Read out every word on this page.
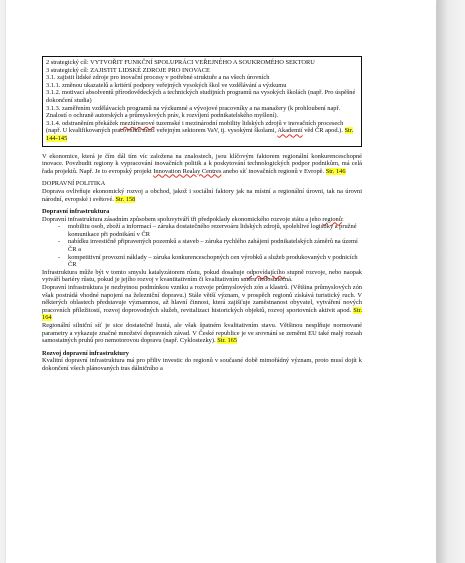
2 strategický cíl: VYTVOŘIT FUNKČNÍ SPOLUPRÁCI VEŘEJNÉHO A SOUKROMÉHO SEKTORU

3 strategický cíl: ZAJISTIT LIDSKÉ ZDROJE PRO INOVACE

3.1. zajistit lidské zdroje pro inovační procesy v potřebné struktuře a na všech úrovních

3.1.1. změnou ukazatelů a kritérií podpory veřejných vysokých škol ve vzdělávání a výzkumu

3.1.2. motivací absolventů přírodovědeckých a technických studijních programů na vysokých školách (např. Pro úspěšné dokončení studia)

3.1.3. zaměřením vzdělávacích programů na výzkumné a vývojové pracovníky a na manažery (k prohloubení např. Znalostí o ochraně autorských a průmyslových práv, k rozvíjení podnikatelského myšlení).

3.1.4. odstraněním překážek meziútvarové tuzemské i mezinárodní mobility lidských zdrojů v inovačních procesech (např. U kvalifikovaných pracovníků mezi veřejným sektorem VaV, tj. vysokými školami, Akademií věd ČR apod.). Str. 144-145

V ekonomice, která je čím dál tím víc založena na znalostech, jsou klíčovým faktorem regionální konkurenceschopné inovace. Povzbudit regiony k vypracování inovačních politik a k poskytování technologických podpor podnikům, má celá řada projektů. Např. Je to evropský projekt Innovation Realay Centres anebo síť inovačních regionů v Evropě. Str. 146

DOPRAVNÍ POLITIKA

Doprava ovlivňuje ekonomický rozvoj a obchod, jakož i sociální faktory jak na místní a regionální úrovni, tak na úrovni národní, evropské i světové. Str. 158

Dopravní infrastruktura

Dopravní infrastruktura zásadním způsobem spoluvytváří tři předpoklady ekonomického rozvoje státu a jeho regionů:

- mobilitu osob, zboží a informací – záruka dostatečného rezervoáru lidských zdrojů, spolehlivé logistiky a pružné komunikace při podnikání v ČR
- nabídku investičně připravených pozemků a staveb – záruka rychlého zahájení podnikatelských záměrů na území ČR a
- kompetitivní provozní náklady – záruka konkurenceschopných cen výrobků a služeb produkovaných v podnicích ČR

Infrastruktura může být v tomto smyslu katalyzátorem růstu, pokud dosahuje odpovídajícího stupně rozvoje, nebo naopak vytváří bariéry růstu, pokud je jejího rozvoj v kvantitativním či kvalitativním směru nedostatečná.

Dopravní infrastruktura je nezbytnou podmínkou vzniku a rozvoje průmyslových zón a klastrů. (Většina průmyslových zón však postrádá vhodné napojení na železniční dopravu.) Stále větší význam, v prospěch regionů získává turistický ruch. V některých oblastech představuje významnou, až hlavní činnost, která zajišťuje zaměstnanost obyvatel, vytváření nových pracovních příležitostí, rozvoj doprovodných služeb, revitalizaci historických objektů, rozvoj sportovních aktivit apod. Str. 164

Regionální silniční síť je sice dostatečně hustá, ale však špatném kvalitativním stavu. Většinou nesplňuje normované parametry a vykazuje značné množství dopravních závad. V České republice je ve srovnání se zeměmi EU také malý rozsah samostatných pruhů pro nemotorovou dopravu (např. Cyklostezky). Str. 165

Rozvoj dopravní infrastruktury

Kvalitní dopravní infrastruktura má pro přiliv investic do regionů v současné době mimořádný význam, proto musí dojít k dokončení všech plánovaných tras dálničního a
